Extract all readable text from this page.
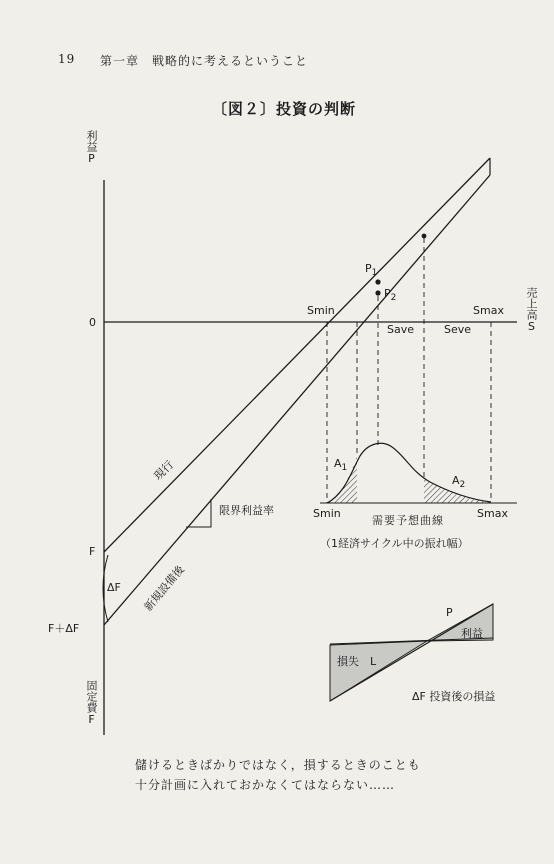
19 第一章　戦略的に考えるということ
〔図２〕投資の判断
利益P
売上高S
0
固定費F
F
ΔF
F＋ΔF
現行
新規設備後
限界利益率
$P_1$
$P_2$
Smin
Save	Seve
Smax
$A_1$
$A_2$
Smin	Smax
需要予想曲線
（1経済サイクル中の振れ幅）
P
利益
損失　L
ΔF 投資後の損益
儲けるときばかりではなく，損するときのことも
十分計画に入れておかなくてはならない……
